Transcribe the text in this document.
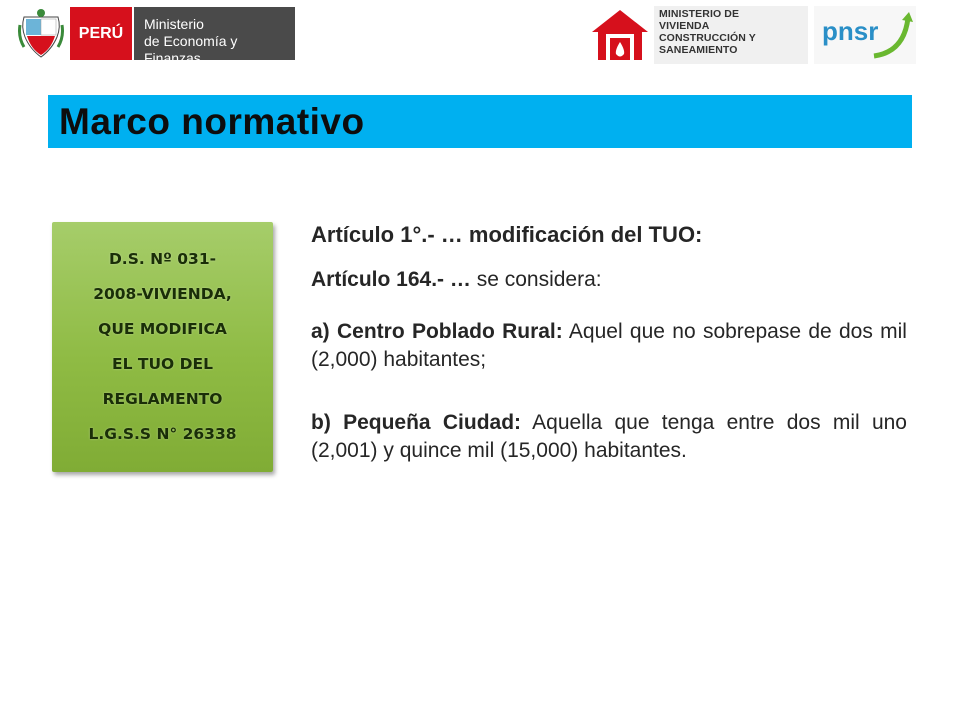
PERÚ
Ministerio
de Economía y Finanzas
MINISTERIO DE
VIVIENDA
CONSTRUCCIÓN Y
SANEAMIENTO
pnsr
Marco normativo
D.S. Nº 031-
2008-VIVIENDA,
QUE MODIFICA
EL TUO DEL
REGLAMENTO
L.G.S.S N° 26338
Artículo 1°.- … modificación del TUO:
Artículo 164.- … se considera:
a) Centro Poblado Rural: Aquel que no sobrepase de dos mil (2,000) habitantes;
b) Pequeña Ciudad: Aquella que tenga entre dos mil uno (2,001) y quince mil (15,000) habitantes.
